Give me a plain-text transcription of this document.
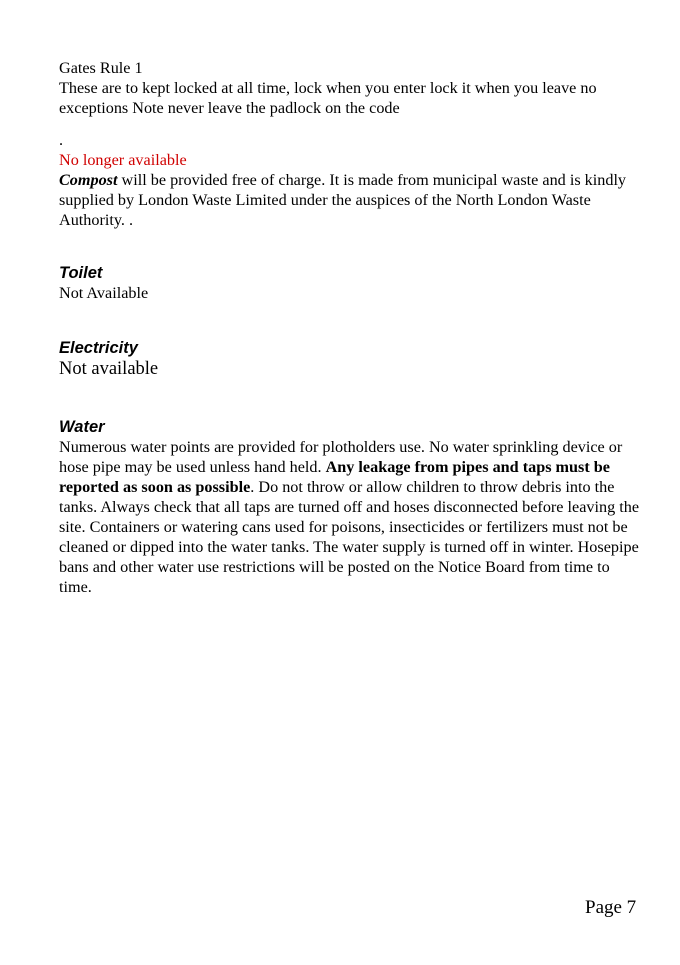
Gates Rule 1

These are to kept locked at all time, lock when you enter lock it when you leave no exceptions Note never leave the padlock on the code

.

No longer available

Compost will be provided free of charge. It is made from municipal waste and is kindly supplied by London Waste Limited under the auspices of the North London Waste Authority. .

Toilet

Not Available

Electricity

Not available

Water

Numerous water points are provided for plotholders use. No water sprinkling device or hose pipe may be used unless hand held. Any leakage from pipes and taps must be reported as soon as possible. Do not throw or allow children to throw debris into the tanks. Always check that all taps are turned off and hoses disconnected before leaving the site. Containers or watering cans used for poisons, insecticides or fertilizers must not be cleaned or dipped into the water tanks. The water supply is turned off in winter. Hosepipe bans and other water use restrictions will be posted on the Notice Board from time to time.

Page 7
